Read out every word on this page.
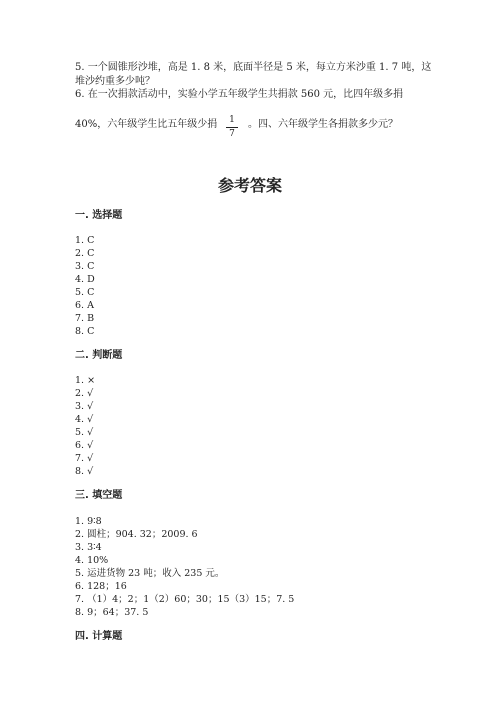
5. 一个圆锥形沙堆，高是 1. 8 米，底面半径是 5 米，每立方米沙重 1. 7 吨，这
堆沙约重多少吨？
6. 在一次捐款活动中，实验小学五年级学生共捐款 560 元，比四年级多捐
40%，六年级学生比五年级少捐	1
7
。四、六年级学生各捐款多少元？
参考答案
一. 选择题
1. C
2. C
3. C
4. D
5. C
6. A
7. B
8. C
二. 判断题
1. ×
2. √
3. √
4. √
5. √
6. √
7. √
8. √
三. 填空题
1. 9∶8
2. 圆柱；904. 32；2009. 6
3. 3∶4
4. 10%
5. 运进货物 23 吨；收入 235 元。
6. 128；16
7. （1）4；2；1（2）60；30；15（3）15；7. 5
8. 9；64；37. 5
四. 计算题
